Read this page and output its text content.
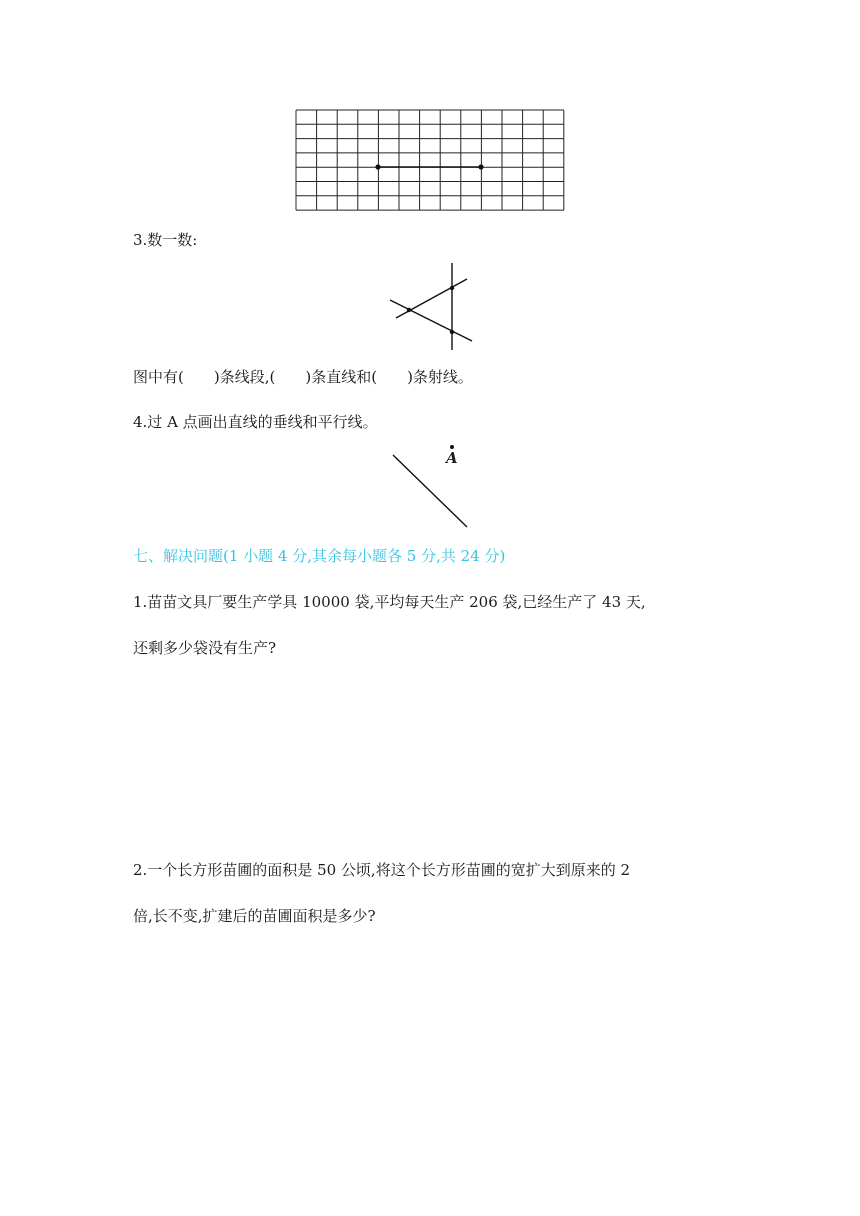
3.数一数:
图中有( )条线段,( )条直线和( )条射线。
4.过 A 点画出直线的垂线和平行线。
A
七、解决问题(1 小题 4 分,其余每小题各 5 分,共 24 分)
1.苗苗文具厂要生产学具 10000 袋,平均每天生产 206 袋,已经生产了 43 天,
还剩多少袋没有生产?
2.一个长方形苗圃的面积是 50 公顷,将这个长方形苗圃的宽扩大到原来的 2
倍,长不变,扩建后的苗圃面积是多少?
